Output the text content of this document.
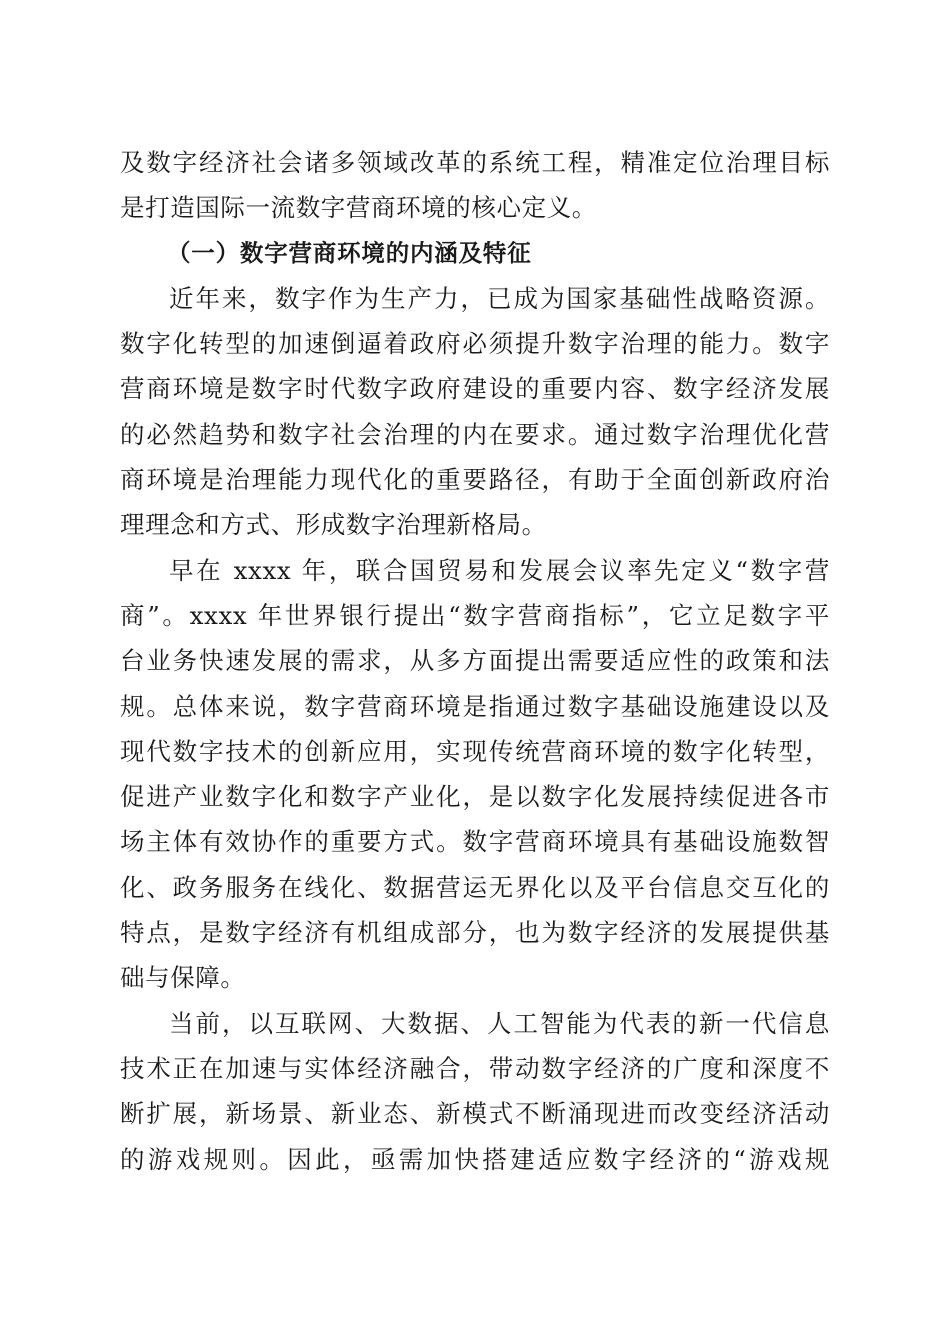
及数字经济社会诸多领域改革的系统工程，精准定位治理目标
是打造国际一流数字营商环境的核心定义。
（一）数字营商环境的内涵及特征
近年来，数字作为生产力，已成为国家基础性战略资源。
数字化转型的加速倒逼着政府必须提升数字治理的能力。数字
营商环境是数字时代数字政府建设的重要内容、数字经济发展
的必然趋势和数字社会治理的内在要求。通过数字治理优化营
商环境是治理能力现代化的重要路径，有助于全面创新政府治
理理念和方式、形成数字治理新格局。
早在 xxxx 年，联合国贸易和发展会议率先定义“数字营
商”。xxxx 年世界银行提出“数字营商指标”，它立足数字平
台业务快速发展的需求，从多方面提出需要适应性的政策和法
规。总体来说，数字营商环境是指通过数字基础设施建设以及
现代数字技术的创新应用，实现传统营商环境的数字化转型，
促进产业数字化和数字产业化，是以数字化发展持续促进各市
场主体有效协作的重要方式。数字营商环境具有基础设施数智
化、政务服务在线化、数据营运无界化以及平台信息交互化的
特点，是数字经济有机组成部分，也为数字经济的发展提供基
础与保障。
当前，以互联网、大数据、人工智能为代表的新一代信息
技术正在加速与实体经济融合，带动数字经济的广度和深度不
断扩展，新场景、新业态、新模式不断涌现进而改变经济活动
的游戏规则。因此，亟需加快搭建适应数字经济的“游戏规
